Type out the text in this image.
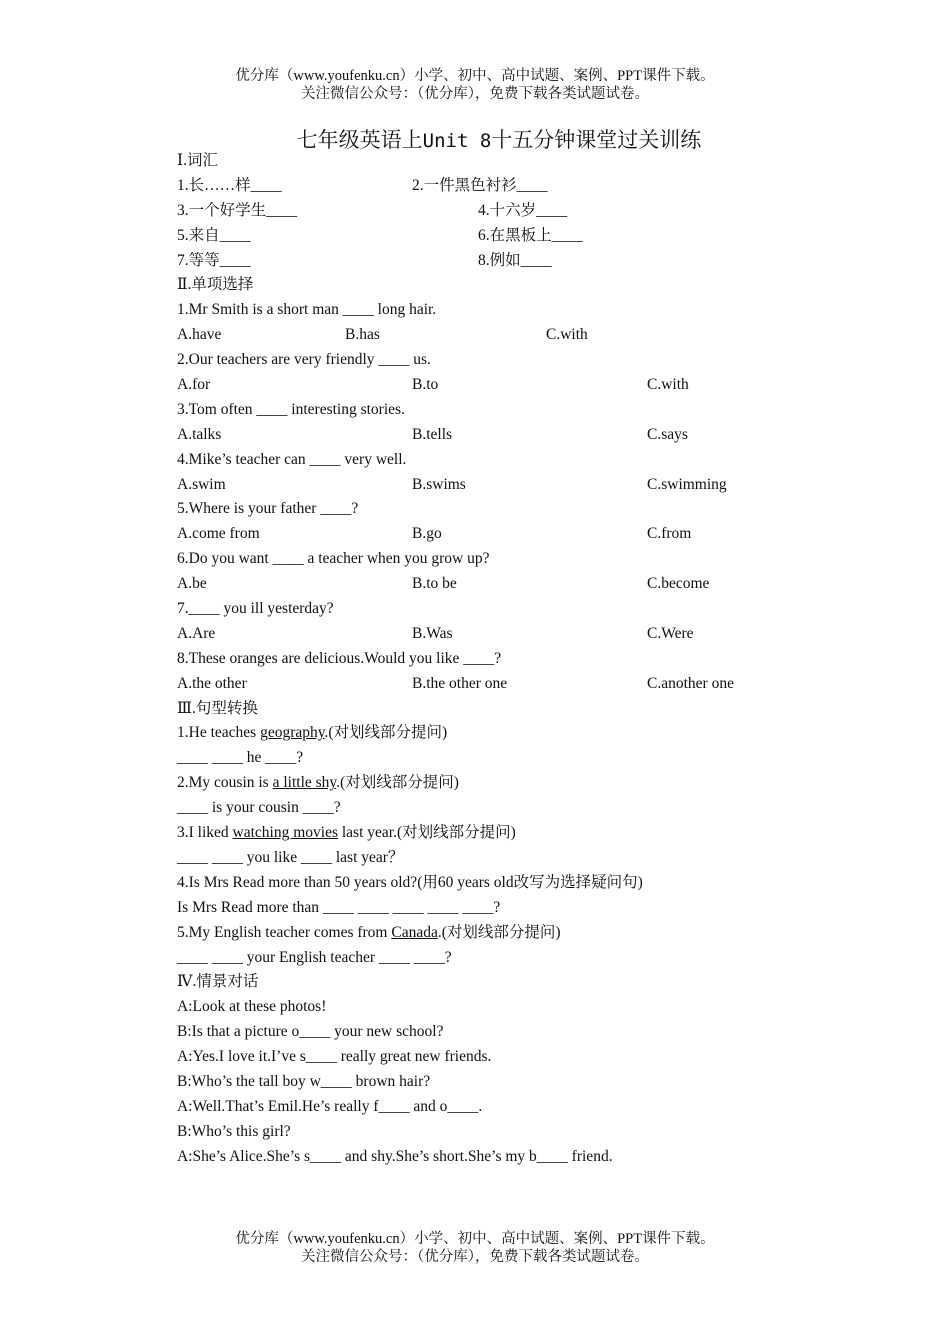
优分库（www.youfenku.cn）小学、初中、高中试题、案例、PPT课件下载。
关注微信公众号：（优分库），免费下载各类试题试卷。
七年级英语上Unit 8十五分钟课堂过关训练
Ⅰ.词汇
1.长……样____	2.一件黑色衬衫____
3.一个好学生____	4.十六岁____
5.来自____	6.在黑板上____
7.等等____	8.例如____
Ⅱ.单项选择
1.Mr Smith is a short man ____ long hair.
A.have	B.has	C.with
2.Our teachers are very friendly ____ us.
A.for	B.to	C.with
3.Tom often ____ interesting stories.
A.talks	B.tells	C.says
4.Mike’s teacher can ____ very well.
A.swim	B.swims	C.swimming
5.Where is your father ____?
A.come from	B.go	C.from
6.Do you want ____ a teacher when you grow up?
A.be	B.to be	C.become
7.____ you ill yesterday?
A.Are	B.Was	C.Were
8.These oranges are delicious.Would you like ____?
A.the other	B.the other one	C.another one
Ⅲ.句型转换
1.He teaches geography.(对划线部分提问)
____ ____ he ____?
2.My cousin is a little shy.(对划线部分提问)
____ is your cousin ____?
3.I liked watching movies last year.(对划线部分提问)
____ ____ you like ____ last year？
4.Is Mrs Read more than 50 years old?(用60 years old改写为选择疑问句)
Is Mrs Read more than ____ ____ ____ ____ ____?
5.My English teacher comes from Canada.(对划线部分提问)
____ ____ your English teacher ____ ____?
Ⅳ.情景对话
A:Look at these photos!
B:Is that a picture o____ your new school?
A:Yes.I love it.I’ve s____ really great new friends.
B:Who’s the tall boy w____ brown hair?
A:Well.That’s Emil.He’s really f____ and o____.
B:Who’s this girl?
A:She’s Alice.She’s s____ and shy.She’s short.She’s my b____ friend.
优分库（www.youfenku.cn）小学、初中、高中试题、案例、PPT课件下载。
关注微信公众号：（优分库），免费下载各类试题试卷。
